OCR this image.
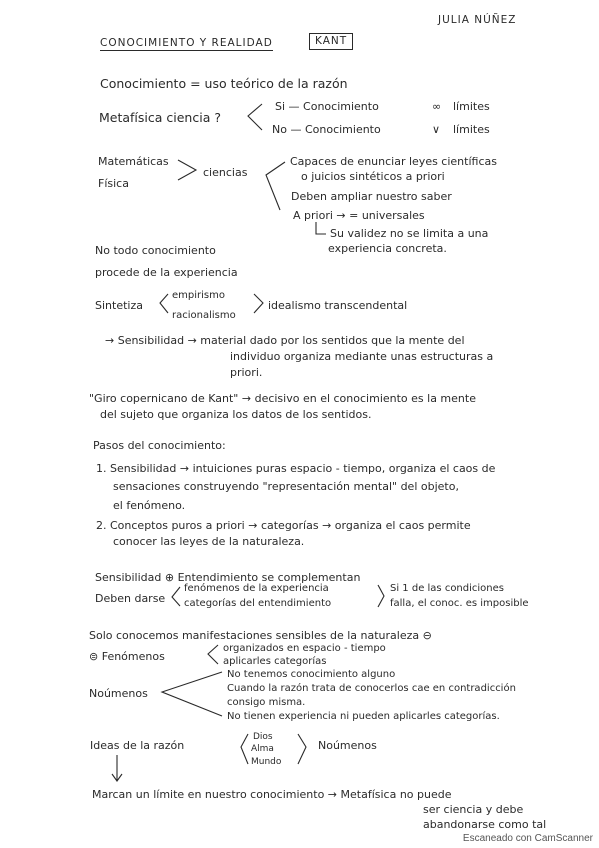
JULIA NÚÑEZ
CONOCIMIENTO Y REALIDAD	KANT
Conocimiento = uso teórico de la razón
Metafísica ciencia ?
Si — Conocimiento	∞ límites
No — Conocimiento	∨ límites
Matemáticas
Física
ciencias
Capaces de enunciar leyes científicas
o juicios sintéticos a priori
Deben ampliar nuestro saber
A priori → = universales
Su validez no se limita a una
experiencia concreta.
No todo conocimiento
procede de la experiencia
Sintetiza
empirismo
racionalismo
idealismo transcendental
→ Sensibilidad → material dado por los sentidos que la mente del
individuo organiza mediante unas estructuras a
priori.
"Giro copernicano de Kant" → decisivo en el conocimiento es la mente
del sujeto que organiza los datos de los sentidos.
Pasos del conocimiento:
1. Sensibilidad → intuiciones puras espacio - tiempo, organiza el caos de
sensaciones construyendo "representación mental" del objeto,
el fenómeno.
2. Conceptos puros a priori → categorías → organiza el caos permite
conocer las leyes de la naturaleza.
Sensibilidad ⊕ Entendimiento se complementan
Deben darse
fenómenos de la experiencia
categorías del entendimiento
Si 1 de las condiciones
falla, el conoc. es imposible
Solo conocemos manifestaciones sensibles de la naturaleza ⊖
⊜ Fenómenos
organizados en espacio - tiempo
aplicarles categorías
Noúmenos
No tenemos conocimiento alguno
Cuando la razón trata de conocerlos cae en contradicción
consigo misma.
No tienen experiencia ni pueden aplicarles categorías.
Ideas de la razón
Dios
Alma
Mundo
Noúmenos
Marcan un límite en nuestro conocimiento → Metafísica no puede
ser ciencia y debe
abandonarse como tal
Escaneado con CamScanner
